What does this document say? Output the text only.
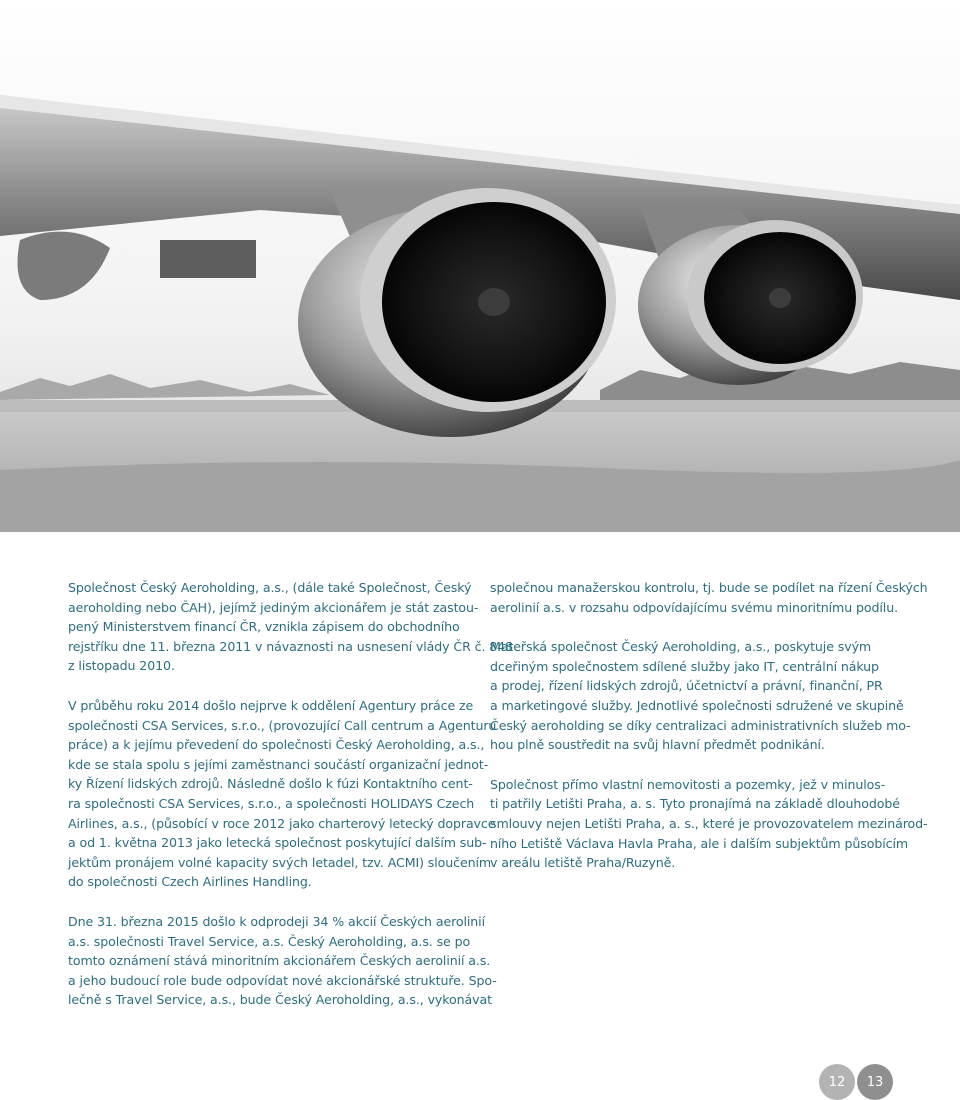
Společnost Český Aeroholding, a.s., (dále také Společnost, Český
aeroholding nebo ČAH), jejímž jediným akcionářem je stát zastou-
pený Ministerstvem financí ČR, vznikla zápisem do obchodního
rejstříku dne 11. března 2011 v návaznosti na usnesení vlády ČR č. 848
z listopadu 2010.

V průběhu roku 2014 došlo nejprve k oddělení Agentury práce ze
společnosti CSA Services, s.r.o., (provozující Call centrum a Agenturu
práce) a k jejímu převedení do společnosti Český Aeroholding, a.s.,
kde se stala spolu s jejími zaměstnanci součástí organizační jednot-
ky Řízení lidských zdrojů. Následně došlo k fúzi Kontaktního cent-
ra společnosti CSA Services, s.r.o., a společnosti HOLIDAYS Czech
Airlines, a.s., (působící v roce 2012 jako charterový letecký dopravce
a od 1. května 2013 jako letecká společnost poskytující dalším sub-
jektům pronájem volné kapacity svých letadel, tzv. ACMI) sloučením
do společnosti Czech Airlines Handling.

Dne 31. března 2015 došlo k odprodeji 34 % akcií Českých aerolinií
a.s. společnosti Travel Service, a.s. Český Aeroholding, a.s. se po
tomto oznámení stává minoritním akcionářem Českých aerolinií a.s.
a jeho budoucí role bude odpovídat nové akcionářské struktuře. Spo-
lečně s Travel Service, a.s., bude Český Aeroholding, a.s., vykonávat

společnou manažerskou kontrolu, tj. bude se podílet na řízení Českých
aerolinií a.s. v rozsahu odpovídajícímu svému minoritnímu podílu.

Mateřská společnost Český Aeroholding, a.s., poskytuje svým
dceřiným společnostem sdílené služby jako IT, centrální nákup
a prodej, řízení lidských zdrojů, účetnictví a právní, finanční, PR
a marketingové služby. Jednotlivé společnosti sdružené ve skupině
Český aeroholding se díky centralizaci administrativních služeb mo-
hou plně soustředit na svůj hlavní předmět podnikání.

Společnost přímo vlastní nemovitosti a pozemky, jež v minulos-
ti patřily Letišti Praha, a. s. Tyto pronajímá na základě dlouhodobé
smlouvy nejen Letišti Praha, a. s., které je provozovatelem mezinárod-
ního Letiště Václava Havla Praha, ale i dalším subjektům působícím
v areálu letiště Praha/Ruzyně.

12	13
